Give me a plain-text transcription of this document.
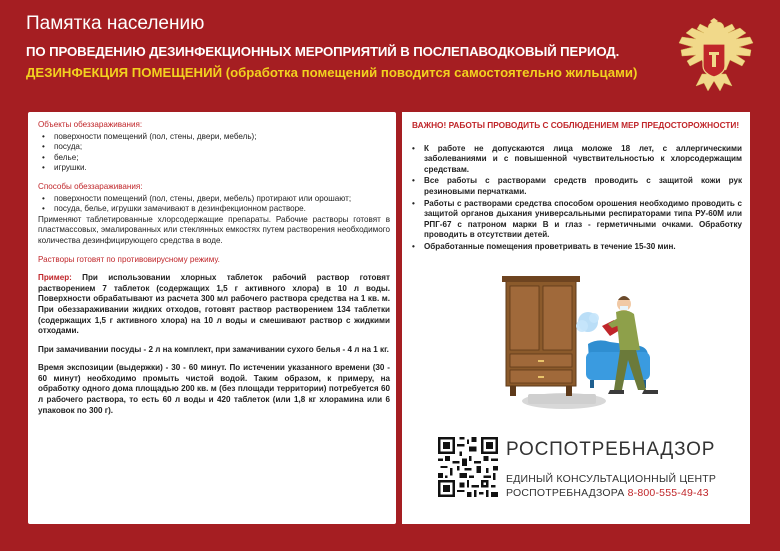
Памятка населению
ПО ПРОВЕДЕНИЮ ДЕЗИНФЕКЦИОННЫХ МЕРОПРИЯТИЙ В ПОСЛЕПАВОДКОВЫЙ ПЕРИОД.
ДЕЗИНФЕКЦИЯ ПОМЕЩЕНИЙ (обработка помещений поводится самостоятельно жильцами)
Объекты обеззараживания:
• поверхности помещений (пол, стены, двери, мебель);
• посуда;
• белье;
• игрушки.
Способы обеззараживания:
• поверхности помещений (пол, стены, двери, мебель) протирают или орошают;
• посуда, белье, игрушки замачивают в дезинфекционном растворе.
Применяют таблетированные хлорсодержащие препараты. Рабочие растворы готовят в пластмассовых, эмалированных или стеклянных емкостях путем растворения необходимого количества дезинфицирующего средства в воде.
Растворы готовят по противовирусному режиму.
Пример: При использовании хлорных таблеток рабочий раствор готовят растворением 7 таблеток (содержащих 1,5 г активного хлора) в 10 л воды. Поверхности обрабатывают из расчета 300 мл рабочего раствора средства на 1 кв. м. При обеззараживании жидких отходов, готовят раствор растворением 134 таблетки (содержащих 1,5 г активного хлора) на 10 л воды и смешивают раствор с жидкими отходами.
При замачивании посуды - 2 л на комплект, при замачивании сухого белья - 4 л на 1 кг.
Время экспозиции (выдержки) - 30 - 60 минут. По истечении указанного времени (30 - 60 минут) необходимо промыть чистой водой. Таким образом, к примеру, на обработку одного дома площадью 200 кв. м (без площади территории) потребуется 60 л рабочего раствора, то есть 60 л воды и 420 таблеток (или 1,8 кг хлорамина или 6 упаковок по 300 г).
ВАЖНО! РАБОТЫ ПРОВОДИТЬ С СОБЛЮДЕНИЕМ МЕР ПРЕДОСТОРОЖНОСТИ!
• К работе не допускаются лица моложе 18 лет, с аллергическими заболеваниями и с повышенной чувствительностью к хлорсодержащим средствам.
• Все работы с растворами средств проводить с защитой кожи рук резиновыми перчатками.
• Работы с растворами средства способом орошения необходимо проводить с защитой органов дыхания универсальными респираторами типа РУ-60М или РПГ-67 с патроном марки В и глаз - герметичными очками. Обработку проводить в отсутствии детей.
• Обработанные помещения проветривать в течение 15-30 мин.
РОСПОТРЕБНАДЗОР
ЕДИНЫЙ КОНСУЛЬТАЦИОННЫЙ ЦЕНТР
РОСПОТРЕБНАДЗОРА 8-800-555-49-43
